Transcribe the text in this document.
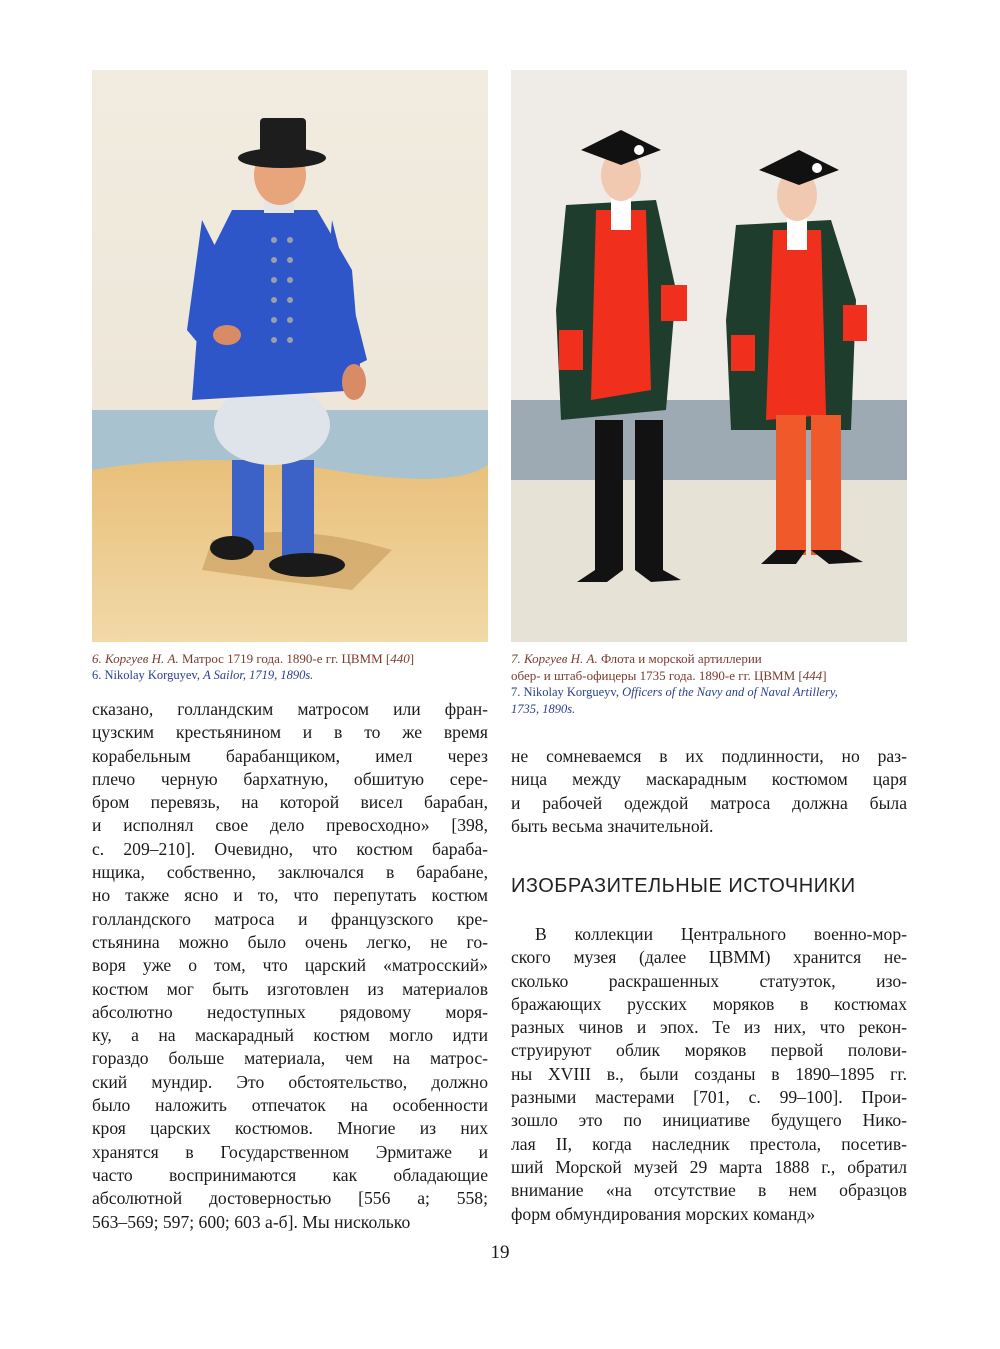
6. Коргуев Н. А. Матрос 1719 года. 1890-е гг. ЦВММ [440]
6. Nikolay Korguyev, A Sailor, 1719, 1890s.
7. Коргуев Н. А. Флота и морской артиллерии
обер- и штаб-офицеры 1735 года. 1890-е гг. ЦВММ [444]
7. Nikolay Korgueyv, Officers of the Navy and of Naval Artillery,
1735, 1890s.
сказано, голландским матросом или фран-
цузским крестьянином и в то же время
корабельным барабанщиком, имел через
плечо черную бархатную, обшитую сере-
бром перевязь, на которой висел барабан,
и исполнял свое дело превосходно» [398,
с. 209–210]. Очевидно, что костюм бараба-
нщика, собственно, заключался в барабане,
но также ясно и то, что перепутать костюм
голландского матроса и французского кре-
стьянина можно было очень легко, не го-
воря уже о том, что царский «матросский»
костюм мог быть изготовлен из материалов
абсолютно недоступных рядовому моря-
ку, а на маскарадный костюм могло идти
гораздо больше материала, чем на матрос-
ский мундир. Это обстоятельство, должно
было наложить отпечаток на особенности
кроя царских костюмов. Многие из них
хранятся в Государственном Эрмитаже и
часто воспринимаются как обладающие
абсолютной достоверностью [556 а; 558;
563–569; 597; 600; 603 а-б]. Мы нисколько
не сомневаемся в их подлинности, но раз-
ница между маскарадным костюмом царя
и рабочей одеждой матроса должна была
быть весьма значительной.
ИЗОБРАЗИТЕЛЬНЫЕ ИСТОЧНИКИ
В коллекции Центрального военно-мор-
ского музея (далее ЦВММ) хранится не-
сколько раскрашенных статуэток, изо-
бражающих русских моряков в костюмах
разных чинов и эпох. Те из них, что рекон-
струируют облик моряков первой полови-
ны XVIII в., были созданы в 1890–1895 гг.
разными мастерами [701, с. 99–100]. Прои-
зошло это по инициативе будущего Нико-
лая II, когда наследник престола, посетив-
ший Морской музей 29 марта 1888 г., обратил
внимание «на отсутствие в нем образцов
форм обмундирования морских команд»
19
